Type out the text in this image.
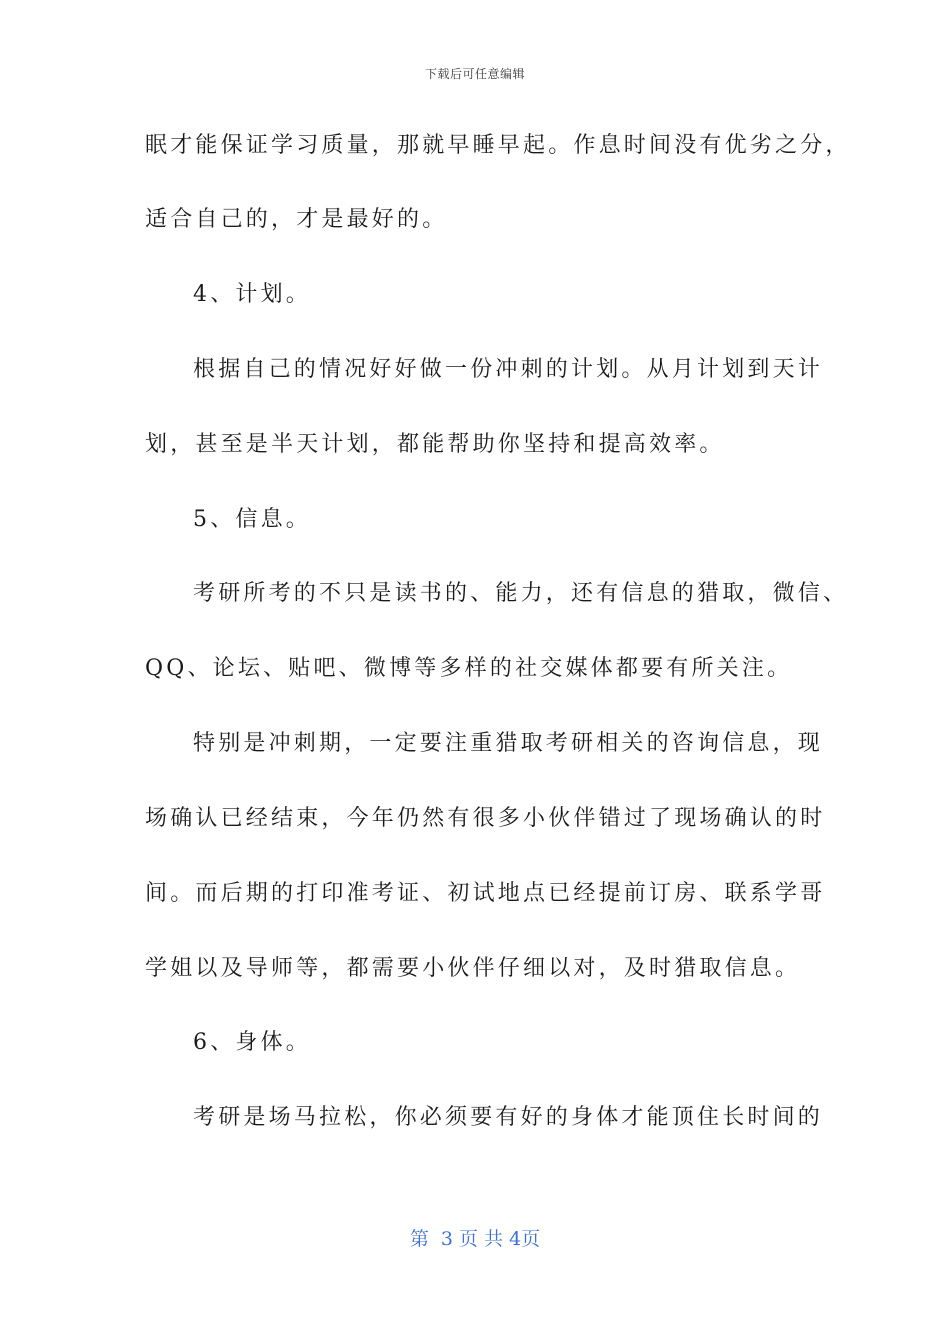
下载后可任意编辑
眠才能保证学习质量，那就早睡早起。作息时间没有优劣之分，
适合自己的，才是最好的。
4、计划。
根据自己的情况好好做一份冲刺的计划。从月计划到天计
划，甚至是半天计划，都能帮助你坚持和提高效率。
5、信息。
考研所考的不只是读书的、能力，还有信息的猎取，微信、
QQ、论坛、贴吧、微博等多样的社交媒体都要有所关注。
特别是冲刺期，一定要注重猎取考研相关的咨询信息，现
场确认已经结束，今年仍然有很多小伙伴错过了现场确认的时
间。而后期的打印准考证、初试地点已经提前订房、联系学哥
学姐以及导师等，都需要小伙伴仔细以对，及时猎取信息。
6、身体。
考研是场马拉松，你必须要有好的身体才能顶住长时间的
第  3 页 共 4页
